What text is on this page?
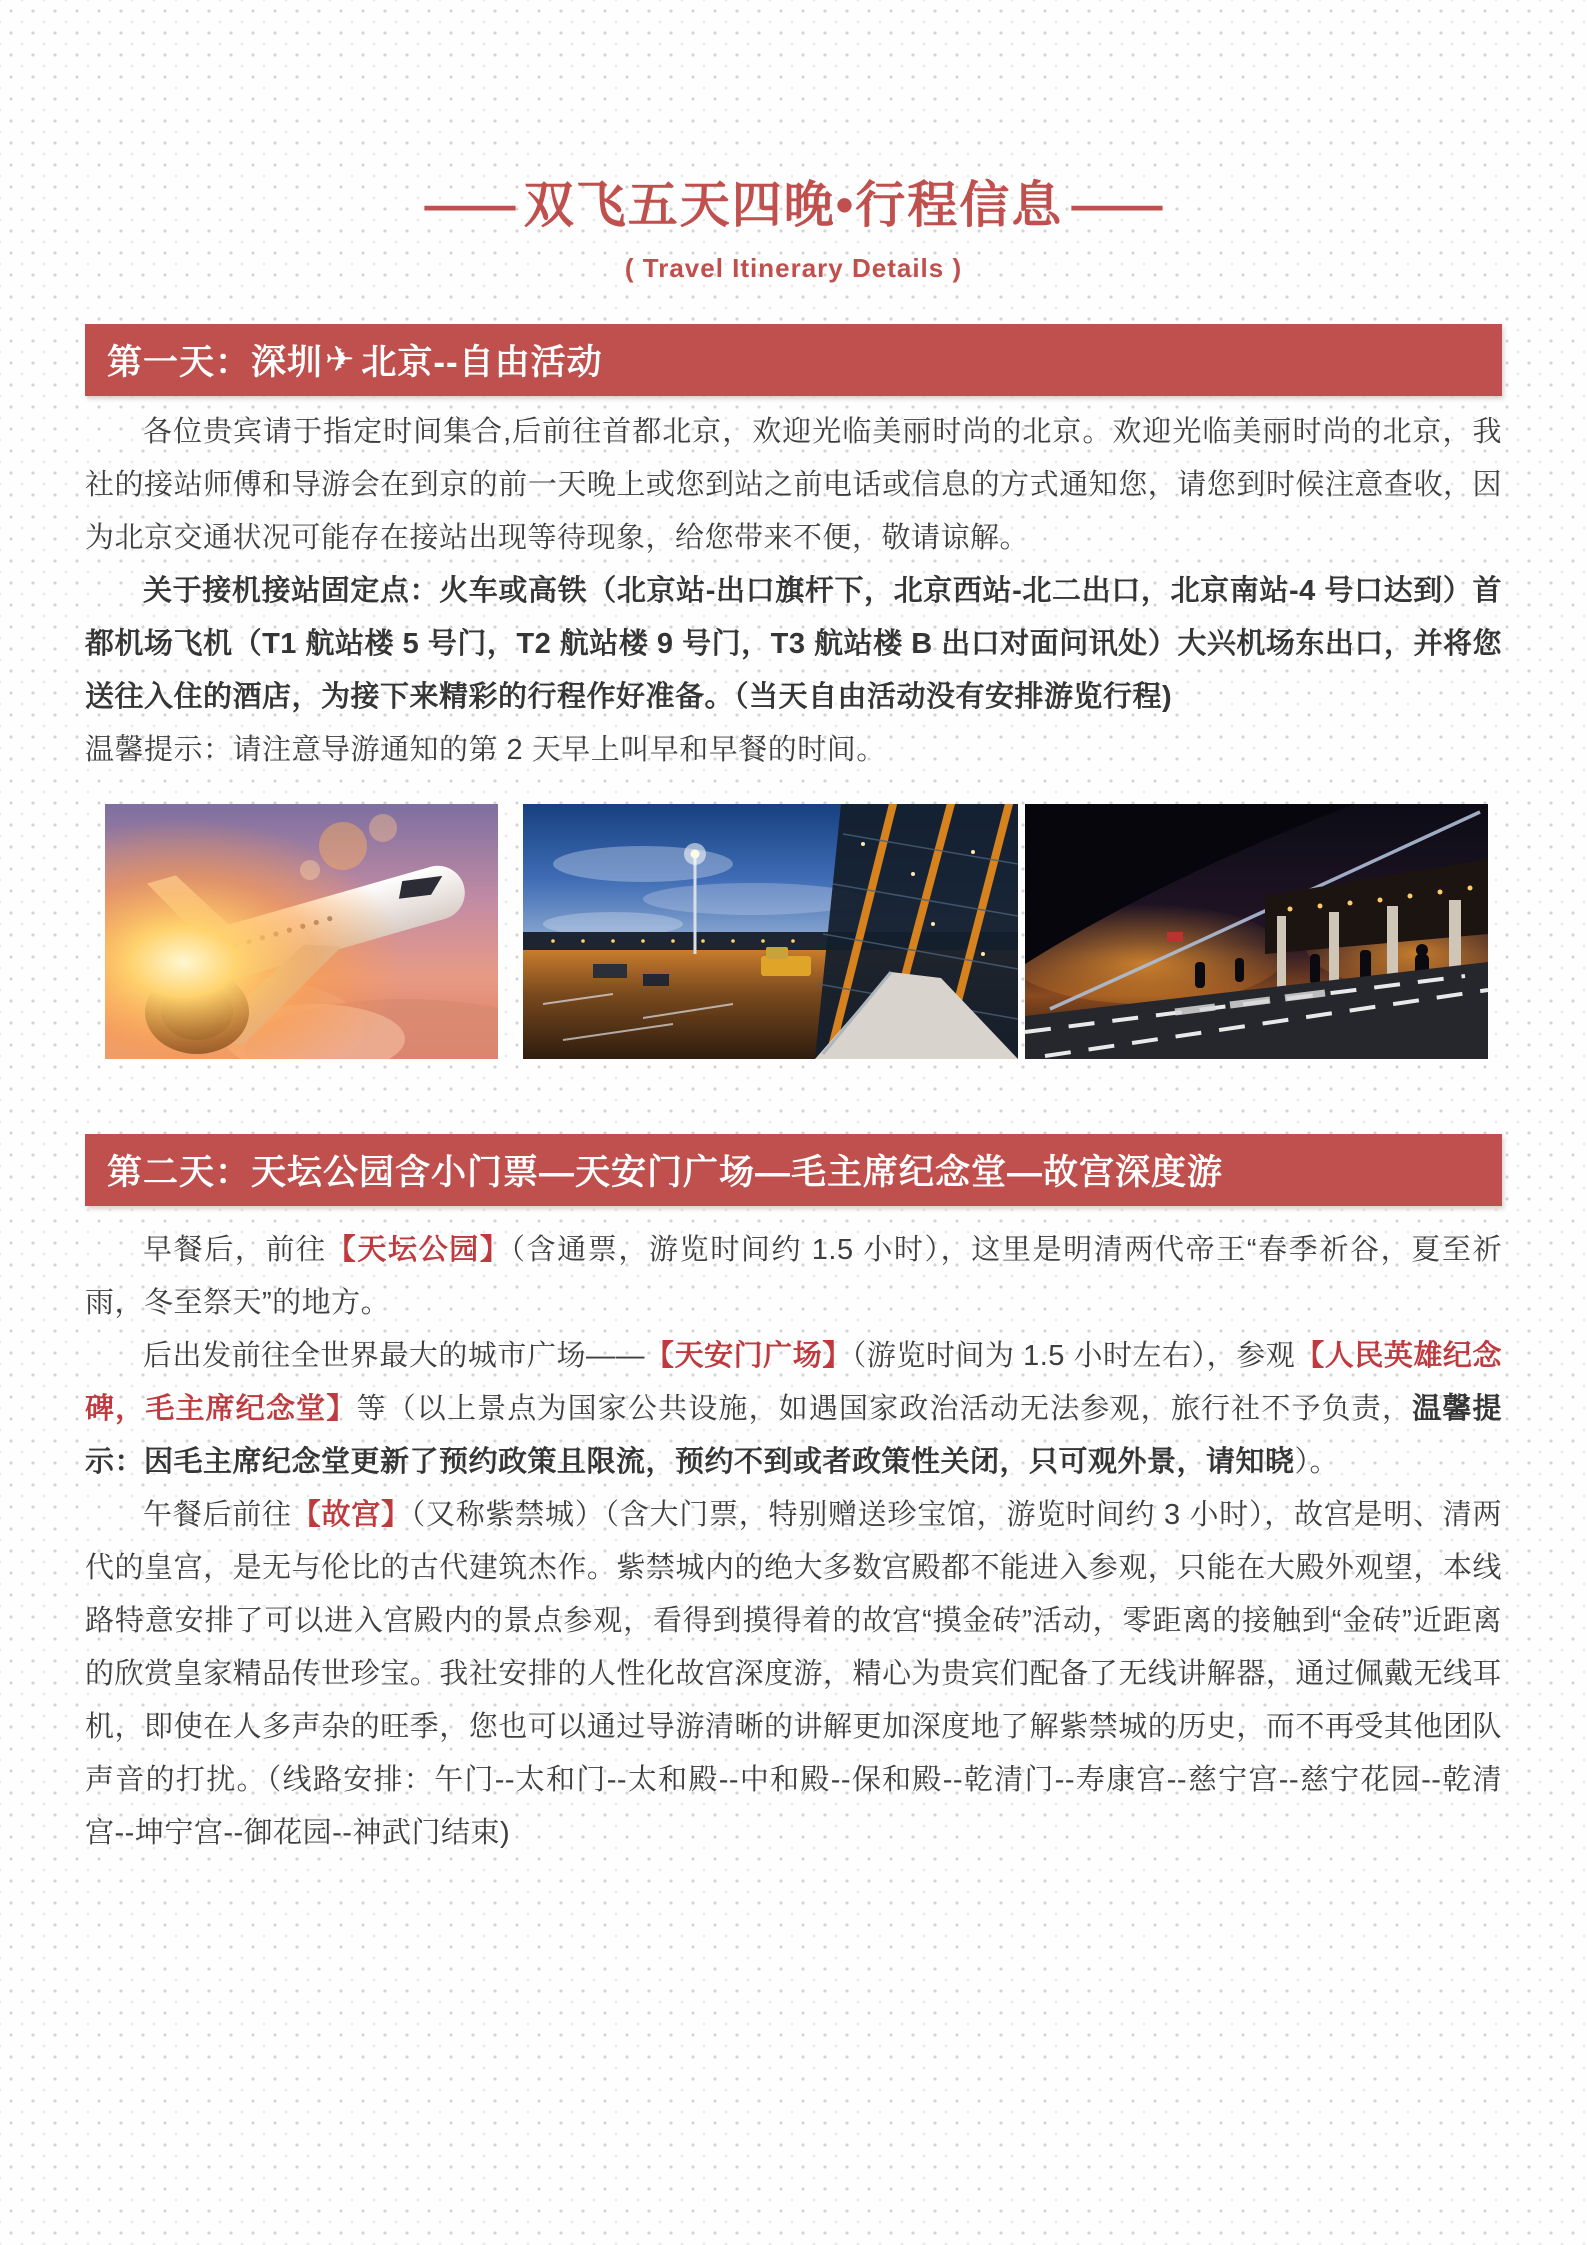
— 双飞五天四晚•行程信息 —
( Travel Itinerary Details )
第一天：深圳 ✈ 北京--自由活动

各位贵宾请于指定时间集合,后前往首都北京，欢迎光临美丽时尚的北京。欢迎光临美丽时尚的北京，我社的接站师傅和导游会在到京的前一天晚上或您到站之前电话或信息的方式通知您，请您到时候注意查收，因为北京交通状况可能存在接站出现等待现象，给您带来不便，敬请谅解。

关于接机接站固定点：火车或高铁（北京站-出口旗杆下，北京西站-北二出口，北京南站-4 号口达到）首都机场飞机（T1 航站楼 5 号门，T2 航站楼 9 号门，T3 航站楼 B 出口对面问讯处）大兴机场东出口，并将您送往入住的酒店，为接下来精彩的行程作好准备。（当天自由活动没有安排游览行程)

温馨提示：请注意导游通知的第 2 天早上叫早和早餐的时间。

第二天：天坛公园含小门票—天安门广场—毛主席纪念堂—故宫深度游

早餐后，前往【天坛公园】（含通票，游览时间约 1.5 小时），这里是明清两代帝王“春季祈谷，夏至祈雨，冬至祭天”的地方。

后出发前往全世界最大的城市广场——【天安门广场】（游览时间为 1.5 小时左右），参观【人民英雄纪念碑，毛主席纪念堂】等（以上景点为国家公共设施，如遇国家政治活动无法参观，旅行社不予负责，温馨提示：因毛主席纪念堂更新了预约政策且限流，预约不到或者政策性关闭，只可观外景，请知晓）。

午餐后前往【故宫】（又称紫禁城）（含大门票，特别赠送珍宝馆，游览时间约 3 小时），故宫是明、清两代的皇宫，是无与伦比的古代建筑杰作。紫禁城内的绝大多数宫殿都不能进入参观，只能在大殿外观望，本线路特意安排了可以进入宫殿内的景点参观，看得到摸得着的故宫“摸金砖”活动，零距离的接触到“金砖”近距离的欣赏皇家精品传世珍宝。我社安排的人性化故宫深度游，精心为贵宾们配备了无线讲解器，通过佩戴无线耳机，即使在人多声杂的旺季，您也可以通过导游清晰的讲解更加深度地了解紫禁城的历史，而不再受其他团队声音的打扰。（线路安排：午门--太和门--太和殿--中和殿--保和殿--乾清门--寿康宫--慈宁宫--慈宁花园--乾清宫--坤宁宫--御花园--神武门结束)
